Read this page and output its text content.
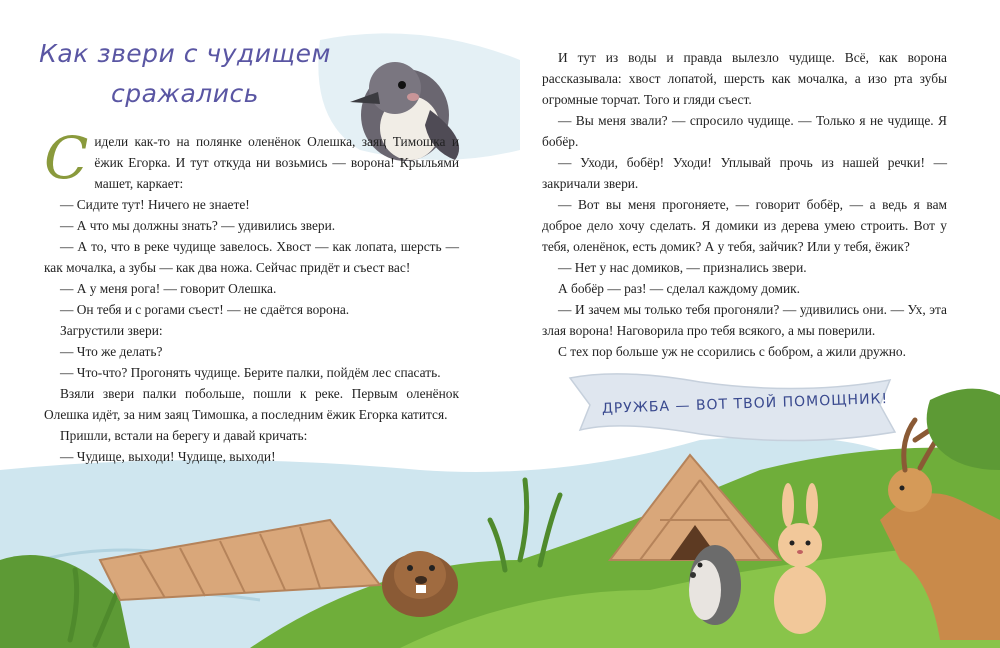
Как звери с чудищем
сражались

Сидели как-то на полянке оленёнок Олешка, заяц Тимошка и ёжик Егорка. И тут откуда ни возьмись — ворона! Крыльями машет, каркает:

— Сидите тут! Ничего не знаете!

— А что мы должны знать? — удивились звери.

— А то, что в реке чудище завелось. Хвост — как лопата, шерсть — как мочалка, а зубы — как два ножа. Сейчас придёт и съест вас!

— А у меня рога! — говорит Олешка.

— Он тебя и с рогами съест! — не сдаётся ворона.

Загрустили звери:

— Что же делать?

— Что-что? Прогонять чудище. Берите палки, пойдём лес спасать.

Взяли звери палки побольше, пошли к реке. Первым оленёнок Олешка идёт, за ним заяц Тимошка, а последним ёжик Егорка катится.

Пришли, встали на берегу и давай кричать:

— Чудище, выходи! Чудище, выходи!

И тут из воды и правда вылезло чудище. Всё, как ворона рассказывала: хвост лопатой, шерсть как мочалка, а изо рта зубы огромные торчат. Того и гляди съест.

— Вы меня звали? — спросило чудище. — Только я не чудище. Я бобёр.

— Уходи, бобёр! Уходи! Уплывай прочь из нашей речки! — закричали звери.

— Вот вы меня прогоняете, — говорит бобёр, — а ведь я вам доброе дело хочу сделать. Я домики из дерева умею строить. Вот у тебя, оленёнок, есть домик? А у тебя, зайчик? Или у тебя, ёжик?

— Нет у нас домиков, — признались звери.

А бобёр — раз! — сделал каждому домик.

— И зачем мы только тебя прогоняли? — удивились они. — Ух, эта злая ворона! Наговорила про тебя всякого, а мы поверили.

С тех пор больше уж не ссорились с бобром, а жили дружно.

ДРУЖБА — ВОТ ТВОЙ ПОМОЩНИК!
